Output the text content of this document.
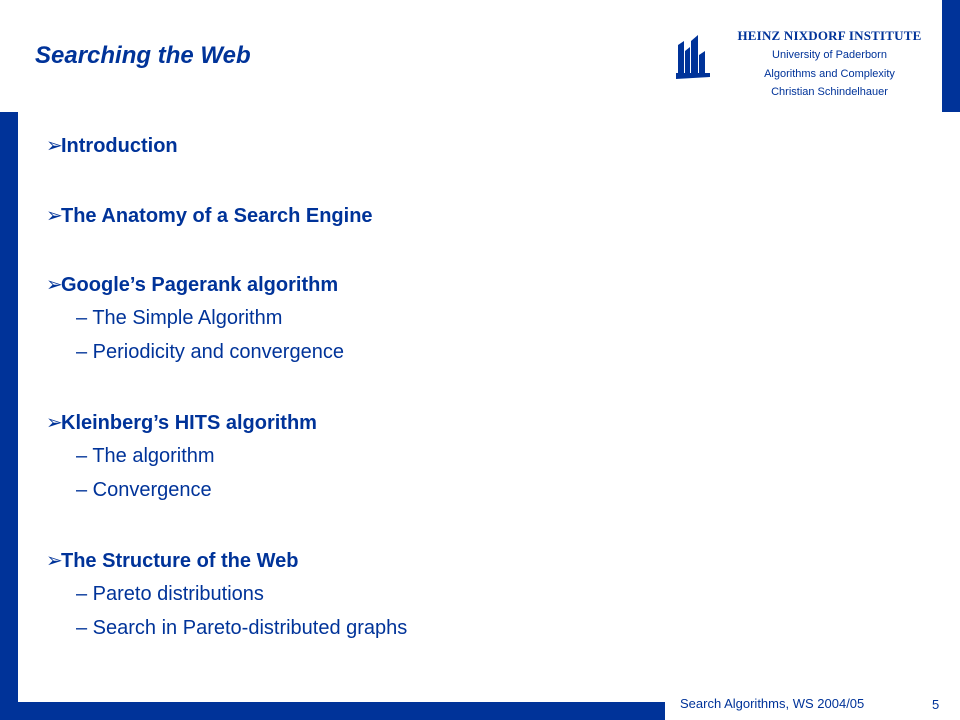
Searching the Web
HEINZ NIXDORF INSTITUTE
University of Paderborn
Algorithms and Complexity
Christian Schindelhauer
➢Introduction
➢The Anatomy of a Search Engine
➢Google’s Pagerank algorithm
– The Simple Algorithm
– Periodicity and convergence
➢Kleinberg’s HITS algorithm
– The algorithm
– Convergence
➢The Structure of the Web
– Pareto distributions
– Search in Pareto-distributed graphs
Search Algorithms, WS 2004/05	5
